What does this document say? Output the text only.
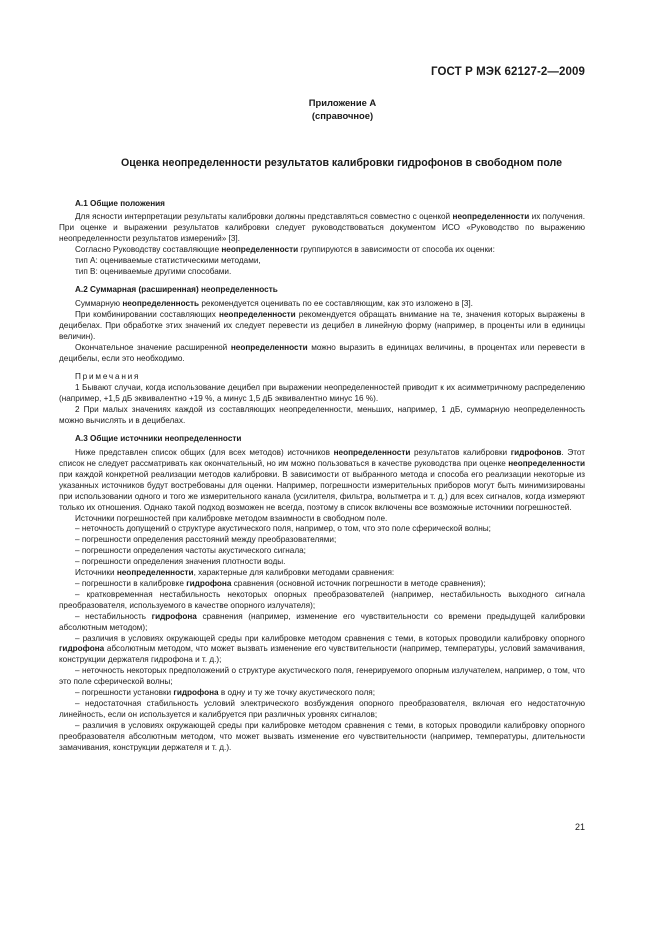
ГОСТ Р МЭК 62127-2—2009
Приложение А
(справочное)
Оценка неопределенности результатов калибровки гидрофонов в свободном поле

А.1 Общие положения

Для ясности интерпретации результаты калибровки должны представляться совместно с оценкой неопределенности их получения. При оценке и выражении результатов калибровки следует руководствоваться документом ИСО «Руководство по выражению неопределенности результатов измерений» [3].

Согласно Руководству составляющие неопределенности группируются в зависимости от способа их оценки:

тип А: оцениваемые статистическими методами,

тип В: оцениваемые другими способами.

А.2 Суммарная (расширенная) неопределенность

Суммарную неопределенность рекомендуется оценивать по ее составляющим, как это изложено в [3].

При комбинировании составляющих неопределенности рекомендуется обращать внимание на те, значения которых выражены в децибелах. При обработке этих значений их следует перевести из децибел в линейную форму (например, в проценты или в единицы величин).

Окончательное значение расширенной неопределенности можно выразить в единицах величины, в процентах или перевести в децибелы, если это необходимо.

Примечания

1 Бывают случаи, когда использование децибел при выражении неопределенностей приводит к их асимметричному распределению (например, +1,5 дБ эквивалентно +19 %, а минус 1,5 дБ эквивалентно минус 16 %).

2 При малых значениях каждой из составляющих неопределенности, меньших, например, 1 дБ, суммарную неопределенность можно вычислять и в децибелах.

А.3 Общие источники неопределенности

Ниже представлен список общих (для всех методов) источников неопределенности результатов калибровки гидрофонов. Этот список не следует рассматривать как окончательный, но им можно пользоваться в качестве руководства при оценке неопределенности при каждой конкретной реализации методов калибровки. В зависимости от выбранного метода и способа его реализации некоторые из указанных источников будут востребованы для оценки. Например, погрешности измерительных приборов могут быть минимизированы при использовании одного и того же измерительного канала (усилителя, фильтра, вольтметра и т. д.) для всех сигналов, когда измеряют только их отношения. Однако такой подход возможен не всегда, поэтому в список включены все возможные источники погрешностей.

Источники погрешностей при калибровке методом взаимности в свободном поле.

– неточность допущений о структуре акустического поля, например, о том, что это поле сферической волны;

– погрешности определения расстояний между преобразователями;

– погрешности определения частоты акустического сигнала;

– погрешности определения значения плотности воды.

Источники неопределенности, характерные для калибровки методами сравнения:

– погрешности в калибровке гидрофона сравнения (основной источник погрешности в методе сравнения);

– кратковременная нестабильность некоторых опорных преобразователей (например, нестабильность выходного сигнала преобразователя, используемого в качестве опорного излучателя);

– нестабильность гидрофона сравнения (например, изменение его чувствительности со времени предыдущей калибровки абсолютным методом);

– различия в условиях окружающей среды при калибровке методом сравнения с теми, в которых проводили калибровку опорного гидрофона абсолютным методом, что может вызвать изменение его чувствительности (например, температуры, условий замачивания, конструкции держателя гидрофона и т. д.);

– неточность некоторых предположений о структуре акустического поля, генерируемого опорным излучателем, например, о том, что это поле сферической волны;

– погрешности установки гидрофона в одну и ту же точку акустического поля;

– недостаточная стабильность условий электрического возбуждения опорного преобразователя, включая его недостаточную линейность, если он используется и калибруется при различных уровнях сигналов;

– различия в условиях окружающей среды при калибровке методом сравнения с теми, в которых проводили калибровку опорного преобразователя абсолютным методом, что может вызвать изменение его чувствительности (например, температуры, длительности замачивания, конструкции держателя и т. д.).

21
